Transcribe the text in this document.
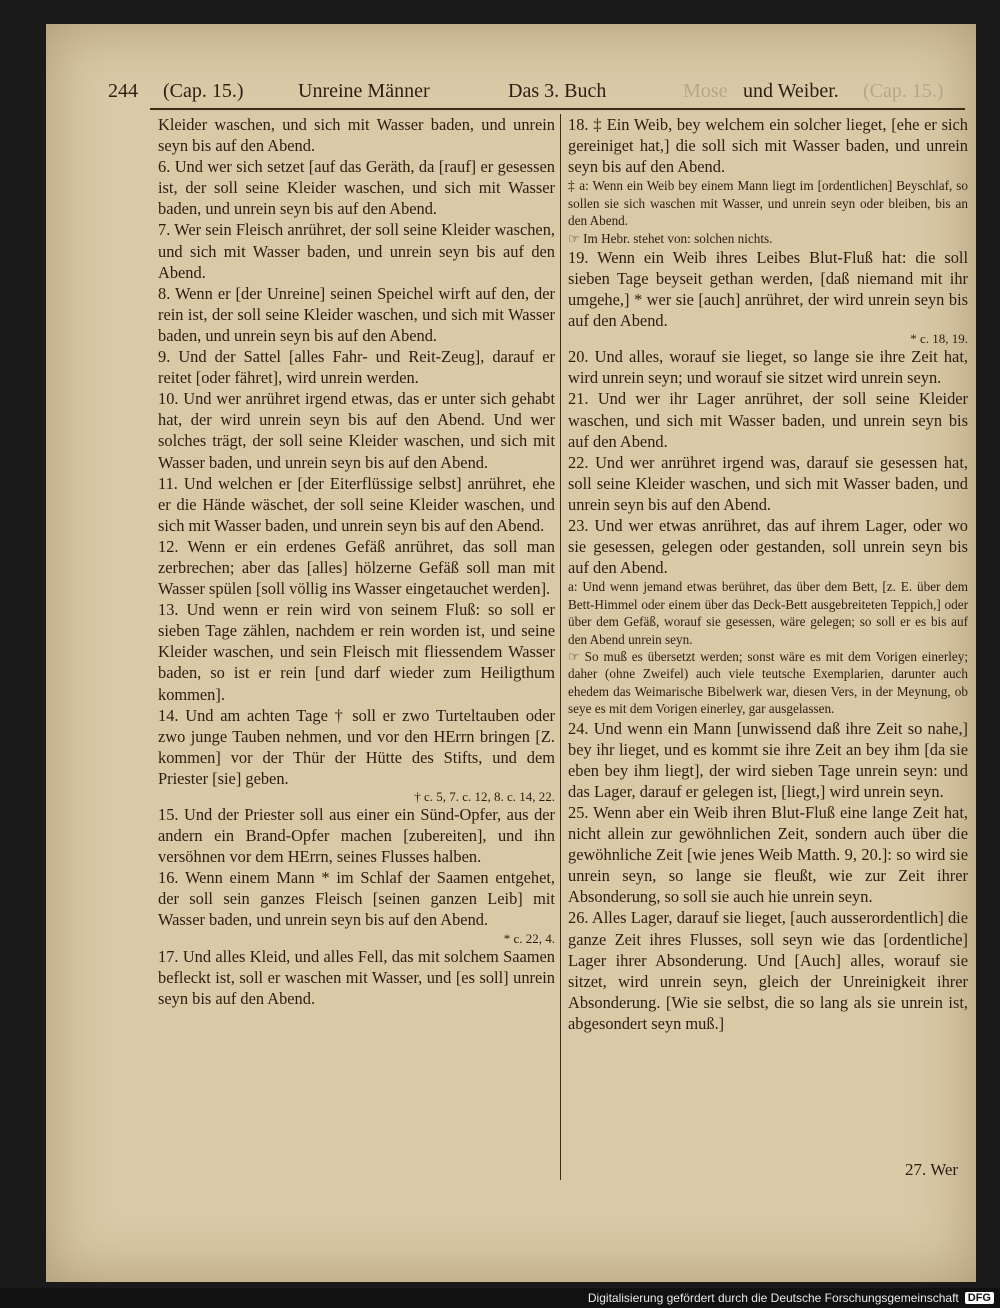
244	(Cap. 15.)	Unreine Männer	Das 3. Buch	Mose und Weiber.	(Cap. 15.)

Kleider waschen, und sich mit Wasser baden, und unrein seyn bis auf den Abend.

6. Und wer sich setzet [auf das Geräth, da [rauf] er gesessen ist, der soll seine Kleider waschen, und sich mit Wasser baden, und unrein seyn bis auf den Abend.

7. Wer sein Fleisch anrühret, der soll seine Kleider waschen, und sich mit Wasser baden, und unrein seyn bis auf den Abend.

8. Wenn er [der Unreine] seinen Speichel wirft auf den, der rein ist, der soll seine Kleider waschen, und sich mit Wasser baden, und unrein seyn bis auf den Abend.

9. Und der Sattel [alles Fahr- und Reit-Zeug], darauf er reitet [oder fähret], wird unrein werden.

10. Und wer anrühret irgend etwas, das er unter sich gehabt hat, der wird unrein seyn bis auf den Abend. Und wer solches trägt, der soll seine Kleider waschen, und sich mit Wasser baden, und unrein seyn bis auf den Abend.

11. Und welchen er [der Eiterflüssige selbst] anrühret, ehe er die Hände wäschet, der soll seine Kleider waschen, und sich mit Wasser baden, und unrein seyn bis auf den Abend.

12. Wenn er ein erdenes Gefäß anrühret, das soll man zerbrechen; aber das [alles] hölzerne Gefäß soll man mit Wasser spülen [soll völlig ins Wasser eingetauchet werden].

13. Und wenn er rein wird von seinem Fluß: so soll er sieben Tage zählen, nachdem er rein worden ist, und seine Kleider waschen, und sein Fleisch mit fliessendem Wasser baden, so ist er rein [und darf wieder zum Heiligthum kommen].

14. Und am achten Tage † soll er zwo Turteltauben oder zwo junge Tauben nehmen, und vor den HErrn bringen [Z. kommen] vor der Thür der Hütte des Stifts, und dem Priester [sie] geben.

† c. 5, 7. c. 12, 8. c. 14, 22.

15. Und der Priester soll aus einer ein Sünd-Opfer, aus der andern ein Brand-Opfer machen [zubereiten], und ihn versöhnen vor dem HErrn, seines Flusses halben.

16. Wenn einem Mann * im Schlaf der Saamen entgehet, der soll sein ganzes Fleisch [seinen ganzen Leib] mit Wasser baden, und unrein seyn bis auf den Abend.

* c. 22, 4.

17. Und alles Kleid, und alles Fell, das mit solchem Saamen befleckt ist, soll er waschen mit Wasser, und [es soll] unrein seyn bis auf den Abend.

18. ‡ Ein Weib, bey welchem ein solcher lieget, [ehe er sich gereiniget hat,] die soll sich mit Wasser baden, und unrein seyn bis auf den Abend.

‡ a: Wenn ein Weib bey einem Mann liegt im [ordentlichen] Beyschlaf, so sollen sie sich waschen mit Wasser, und unrein seyn oder bleiben, bis an den Abend.

☞ Im Hebr. stehet von: solchen nichts.

19. Wenn ein Weib ihres Leibes Blut-Fluß hat: die soll sieben Tage beyseit gethan werden, [daß niemand mit ihr umgehe,] * wer sie [auch] anrühret, der wird unrein seyn bis auf den Abend.

* c. 18, 19.

20. Und alles, worauf sie lieget, so lange sie ihre Zeit hat, wird unrein seyn; und worauf sie sitzet wird unrein seyn.

21. Und wer ihr Lager anrühret, der soll seine Kleider waschen, und sich mit Wasser baden, und unrein seyn bis auf den Abend.

22. Und wer anrühret irgend was, darauf sie gesessen hat, soll seine Kleider waschen, und sich mit Wasser baden, und unrein seyn bis auf den Abend.

23. Und wer etwas anrühret, das auf ihrem Lager, oder wo sie gesessen, gelegen oder gestanden, soll unrein seyn bis auf den Abend.

a: Und wenn jemand etwas berühret, das über dem Bett, [z. E. über dem Bett-Himmel oder einem über das Deck-Bett ausgebreiteten Teppich,] oder über dem Gefäß, worauf sie gesessen, wäre gelegen; so soll er es bis auf den Abend unrein seyn.

☞ So muß es übersetzt werden; sonst wäre es mit dem Vorigen einerley; daher (ohne Zweifel) auch viele teutsche Exemplarien, darunter auch ehedem das Weimarische Bibelwerk war, diesen Vers, in der Meynung, ob seye es mit dem Vorigen einerley, gar ausgelassen.

24. Und wenn ein Mann [unwissend daß ihre Zeit so nahe,] bey ihr lieget, und es kommt sie ihre Zeit an bey ihm [da sie eben bey ihm liegt], der wird sieben Tage unrein seyn: und das Lager, darauf er gelegen ist, [liegt,] wird unrein seyn.

25. Wenn aber ein Weib ihren Blut-Fluß eine lange Zeit hat, nicht allein zur gewöhnlichen Zeit, sondern auch über die gewöhnliche Zeit [wie jenes Weib Matth. 9, 20.]: so wird sie unrein seyn, so lange sie fleußt, wie zur Zeit ihrer Absonderung, so soll sie auch hie unrein seyn.

26. Alles Lager, darauf sie lieget, [auch ausserordentlich] die ganze Zeit ihres Flusses, soll seyn wie das [ordentliche] Lager ihrer Absonderung. Und [Auch] alles, worauf sie sitzet, wird unrein seyn, gleich der Unreinigkeit ihrer Absonderung. [Wie sie selbst, die so lang als sie unrein ist, abgesondert seyn muß.]

27. Wer
Digitalisierung gefördert durch die Deutsche Forschungsgemeinschaft DFG
